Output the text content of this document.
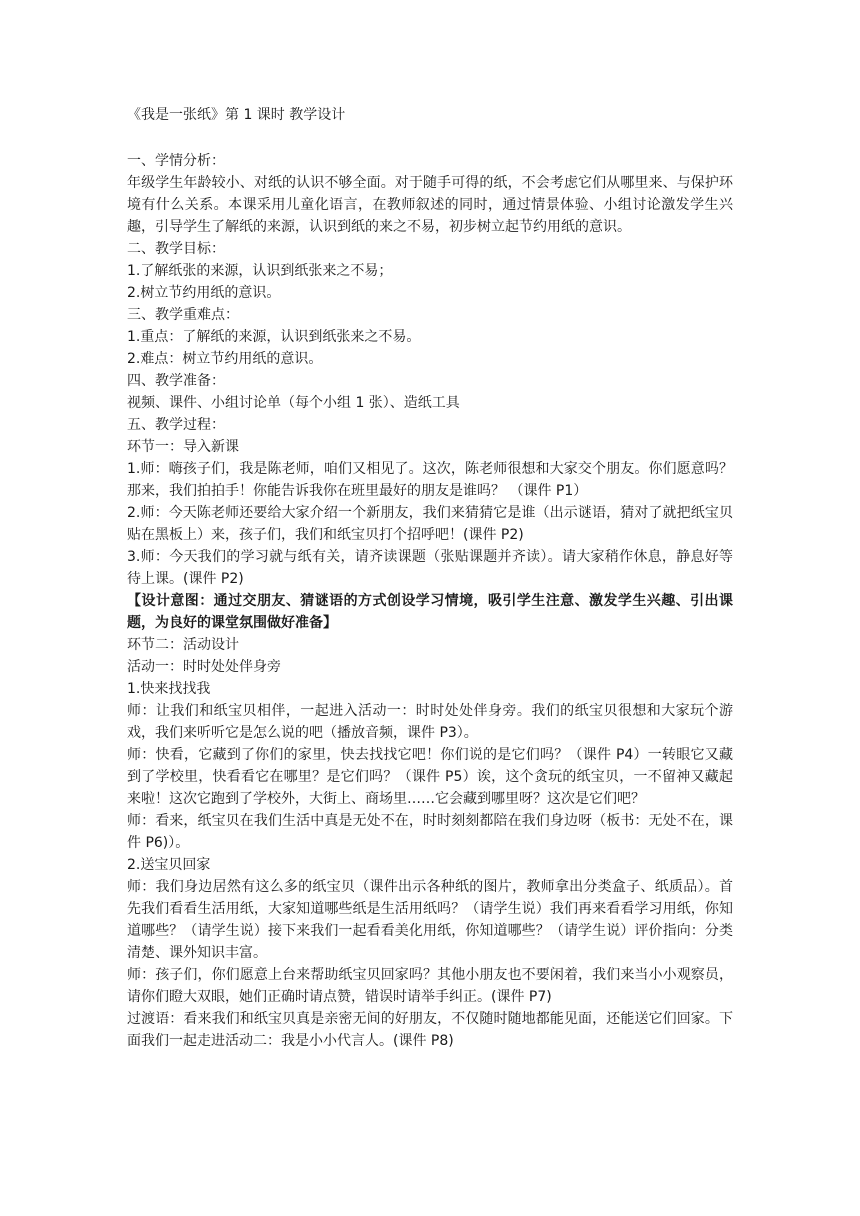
《我是一张纸》第 1 课时 教学设计

一、学情分析：

年级学生年龄较小、对纸的认识不够全面。对于随手可得的纸，不会考虑它们从哪里来、与保护环境有什么关系。本课采用儿童化语言，在教师叙述的同时，通过情景体验、小组讨论激发学生兴趣，引导学生了解纸的来源，认识到纸的来之不易，初步树立起节约用纸的意识。

二、教学目标：

1.了解纸张的来源，认识到纸张来之不易；

2.树立节约用纸的意识。

三、教学重难点：

1.重点：了解纸的来源，认识到纸张来之不易。

2.难点：树立节约用纸的意识。

四、教学准备：

视频、课件、小组讨论单（每个小组 1 张）、造纸工具

五、教学过程：

环节一：导入新课

1.师：嗨孩子们，我是陈老师，咱们又相见了。这次，陈老师很想和大家交个朋友。你们愿意吗？那来，我们拍拍手！你能告诉我你在班里最好的朋友是谁吗？ （课件 P1）

2.师：今天陈老师还要给大家介绍一个新朋友，我们来猜猜它是谁（出示谜语，猜对了就把纸宝贝贴在黑板上）来，孩子们，我们和纸宝贝打个招呼吧！(课件 P2)

3.师：今天我们的学习就与纸有关，请齐读课题（张贴课题并齐读）。请大家稍作休息，静息好等待上课。(课件 P2)

【设计意图：通过交朋友、猜谜语的方式创设学习情境，吸引学生注意、激发学生兴趣、引出课题，为良好的课堂氛围做好准备】

环节二：活动设计

活动一：时时处处伴身旁

1.快来找找我

师：让我们和纸宝贝相伴，一起进入活动一：时时处处伴身旁。我们的纸宝贝很想和大家玩个游戏，我们来听听它是怎么说的吧（播放音频，课件 P3）。

师：快看，它藏到了你们的家里，快去找找它吧！你们说的是它们吗？（课件 P4）一转眼它又藏到了学校里，快看看它在哪里？是它们吗？（课件 P5）诶，这个贪玩的纸宝贝，一不留神又藏起来啦！这次它跑到了学校外，大街上、商场里……它会藏到哪里呀？这次是它们吧？

师：看来，纸宝贝在我们生活中真是无处不在，时时刻刻都陪在我们身边呀（板书：无处不在，课件 P6)）。

2.送宝贝回家

师：我们身边居然有这么多的纸宝贝（课件出示各种纸的图片，教师拿出分类盒子、纸质品）。首先我们看看生活用纸，大家知道哪些纸是生活用纸吗？（请学生说）我们再来看看学习用纸，你知道哪些？（请学生说）接下来我们一起看看美化用纸，你知道哪些？（请学生说）评价指向：分类清楚、课外知识丰富。

师：孩子们，你们愿意上台来帮助纸宝贝回家吗？其他小朋友也不要闲着，我们来当小小观察员，请你们瞪大双眼，她们正确时请点赞，错误时请举手纠正。(课件 P7)

过渡语：看来我们和纸宝贝真是亲密无间的好朋友，不仅随时随地都能见面，还能送它们回家。下面我们一起走进活动二：我是小小代言人。(课件 P8)
